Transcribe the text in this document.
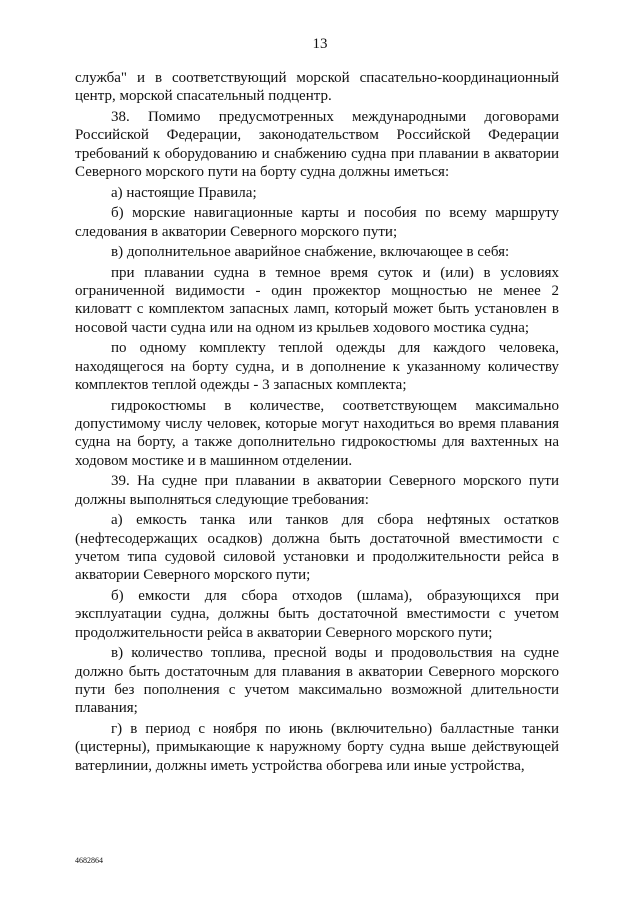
13

служба" и в соответствующий морской спасательно-координационный центр, морской спасательный подцентр.

38. Помимо предусмотренных международными договорами Российской Федерации, законодательством Российской Федерации требований к оборудованию и снабжению судна при плавании в акватории Северного морского пути на борту судна должны иметься:

а) настоящие Правила;

б) морские навигационные карты и пособия по всему маршруту следования в акватории Северного морского пути;

в) дополнительное аварийное снабжение, включающее в себя:

при плавании судна в темное время суток и (или) в условиях ограниченной видимости - один прожектор мощностью не менее 2 киловатт с комплектом запасных ламп, который может быть установлен в носовой части судна или на одном из крыльев ходового мостика судна;

по одному комплекту теплой одежды для каждого человека, находящегося на борту судна, и в дополнение к указанному количеству комплектов теплой одежды - 3 запасных комплекта;

гидрокостюмы в количестве, соответствующем максимально допустимому числу человек, которые могут находиться во время плавания судна на борту, а также дополнительно гидрокостюмы для вахтенных на ходовом мостике и в машинном отделении.

39. На судне при плавании в акватории Северного морского пути должны выполняться следующие требования:

а) емкость танка или танков для сбора нефтяных остатков (нефтесодержащих осадков) должна быть достаточной вместимости с учетом типа судовой силовой установки и продолжительности рейса в акватории Северного морского пути;

б) емкости для сбора отходов (шлама), образующихся при эксплуатации судна, должны быть достаточной вместимости с учетом продолжительности рейса в акватории Северного морского пути;

в) количество топлива, пресной воды и продовольствия на судне должно быть достаточным для плавания в акватории Северного морского пути без пополнения с учетом максимально возможной длительности плавания;

г) в период с ноября по июнь (включительно) балластные танки (цистерны), примыкающие к наружному борту судна выше действующей ватерлинии, должны иметь устройства обогрева или иные устройства,

4682864
